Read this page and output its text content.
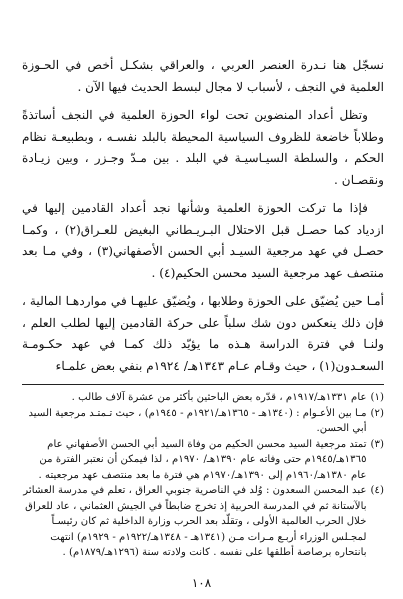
نسجّل هنا نـدرة العنصر العربي ، والعراقي بشكـل أخص في الحـوزة العلمية في النجف ، لأسباب لا مجال لبسط الحديث فيها الآن .

وتظل أعداد المنضوين تحت لواء الحوزة العلمية في النجف أساتذةً وطلاباً خاضعة للظروف السياسية المحيطة بالبلد نفسـه ، وبطبيعـة نظام الحكم ، والسلطة السيـاسيـة في البلد . بين مـدّ وجـزر ، وبين زيـادة ونقصـان .

فإذا ما تركت الحوزة العلمية وشأنها نجد أعداد القادمين إليها في ازدياد كما حصـل قبل الاحتلال البـريـطاني البغيض للعـراق(٢) ، وكمـا حصـل في عهد مرجعية السيـد أبي الحسن الأصفهاني(٣) ، وفي مـا بعد منتصف عهد مرجعية السيد محسن الحكيم(٤) .

أمـا حين يُضيّق على الحوزة وطلابها ، ويُضيّق عليهـا في مواردهـا المالية ، فإن ذلك ينعكس دون شك سلباً على حركة القادمين إليها لطلب العلم ، ولنـا في فترة الدراسة هـذه ما يؤيّد ذلك كمـا في عهد حكـومـة السعـدون(١) ، حيث وقـام عـام ١٣٤٣هـ/ ١٩٢٤م بنفي بعض علمـاء

(١)
عام ١٣٣١هـ/١٩١٧م ، قدّره بعض الباحثين بأكثر من عشرة آلاف طالب .
(٢)
مـا بين الأعـوام : (١٣٤٠هـ - ١٣٦٥هـ/١٩٢١م - ١٩٤٥م) ، حيث تـمتـد مرجعية السيد أبي الحسن.
(٣)
تمتد مرجعية السيد محسن الحكيم من وفاة السيد أبي الحسن الأصفهاني عام ١٣٦٥هـ/١٩٤٥م حتى وفاته عام ١٣٩٠هـ/ ١٩٧٠م ، لذا فيمكن أن نعتبر الفترة من عام ١٣٨٠هـ/١٩٦٠م إلى ١٣٩٠هـ/١٩٧٠م هي فترة ما بعد منتصف عهد مرجعيته .
(٤)
عبد المحسن السعدون : وُلد في الناصرية جنوبي العراق ، تعلم في مدرسة العشائر بالآستانة ثم في المدرسة الحربية إذ تخرج ضابطاً في الجيش العثماني ، عاد للعراق خلال الحرب العالمية الأولى ، وتقلّد بعد الحرب وزارة الداخلية ثم كان رئيسـاً لمجـلس الوزراء أربـع مـرات مـن (١٣٤١هـ - ١٣٤٨هـ/١٩٢٢م - ١٩٢٩م) انتهت بانتحاره برصاصة أطلقها على نفسه . كانت ولادته سنة (١٢٩٦هـ/١٨٧٩م) .
١٠٨
